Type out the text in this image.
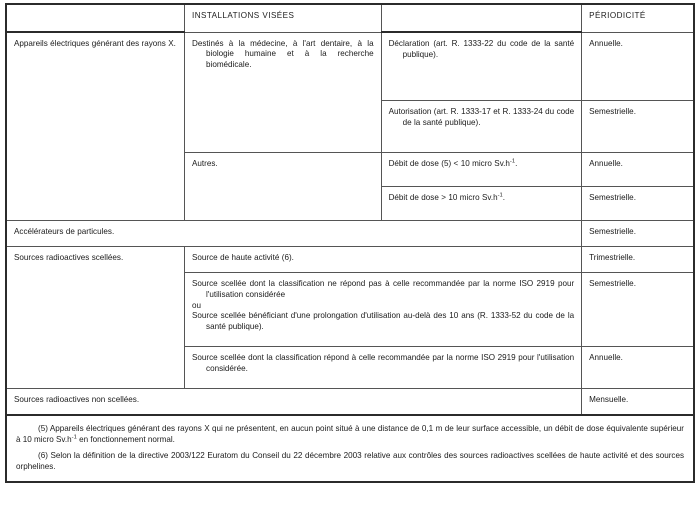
	INSTALLATIONS VISÉES		PÉRIODICITÉ

Appareils électriques générant des rayons X.	Destinés à la médecine, à l'art dentaire, à la biologie humaine et à la recherche biomédicale.	Déclaration (art. R. 1333-22 du code de la santé publique).	Annuelle.

		Autorisation (art. R. 1333-17 et R. 1333-24 du code de la santé publique).	Semestrielle.

	Autres.	Débit de dose (5) < 10 micro $Sv.h^{-1}$.	Annuelle.

		Débit de dose > 10 micro $Sv.h^{-1}$.	Semestrielle.

Accélérateurs de particules.			Semestrielle.

Sources radioactives scellées.	Source de haute activité (6).		Trimestrielle.

	Source scellée dont la classification ne répond pas à celle recommandée par la norme ISO 2919 pour l'utilisation considérée
ou
Source scellée bénéficiant d'une prolongation d'utilisation au-delà des 10 ans (R. 1333-52 du code de la santé publique).		Semestrielle.

	Source scellée dont la classification répond à celle recommandée par la norme ISO 2919 pour l'utilisation considérée.		Annuelle.

Sources radioactives non scellées.			Mensuelle.

(5) Appareils électriques générant des rayons X qui ne présentent, en aucun point situé à une distance de 0,1 m de leur surface accessible, un débit de dose équivalente supérieur à 10 micro $Sv.h^{-1}$ en fonctionnement normal.

(6) Selon la définition de la directive 2003/122 Euratom du Conseil du 22 décembre 2003 relative aux contrôles des sources radioactives scellées de haute activité et des sources orphelines.
